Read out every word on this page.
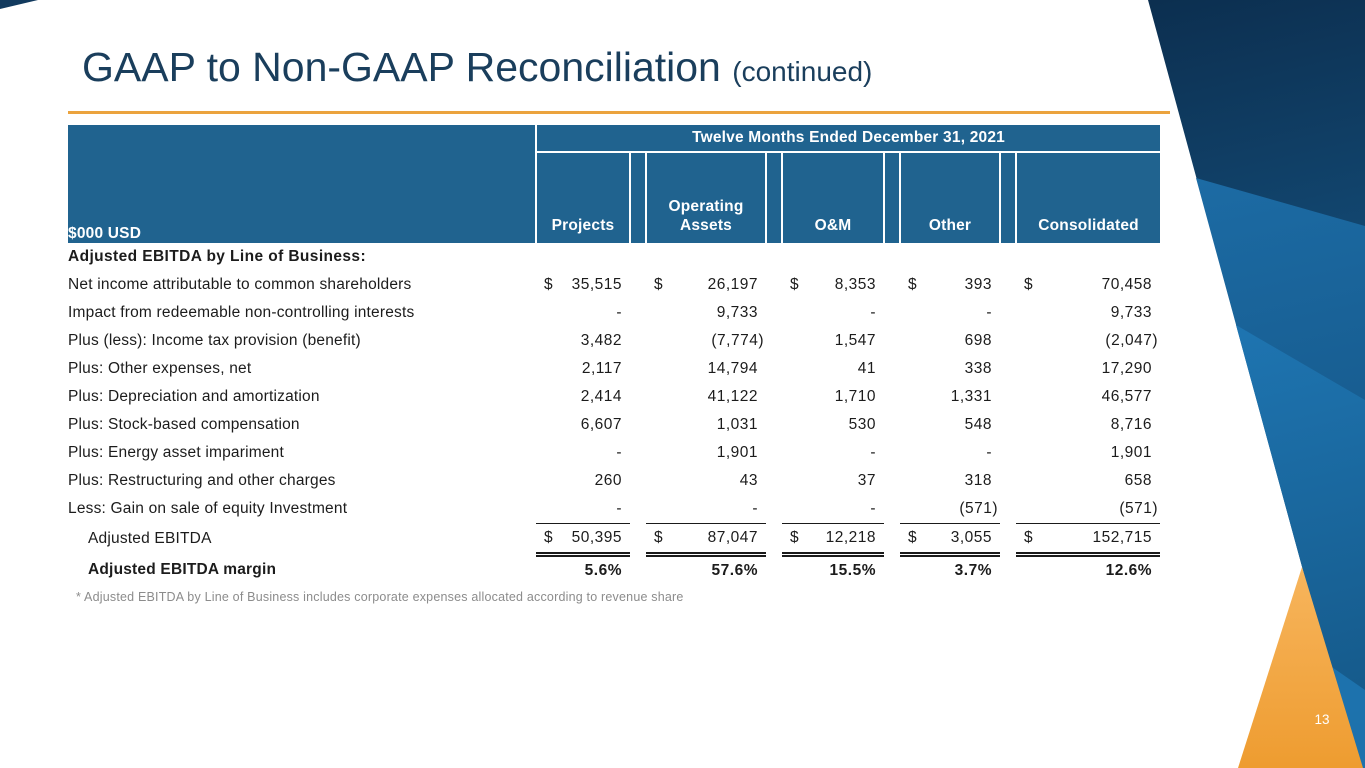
GAAP to Non-GAAP Reconciliation (continued)
$000 USD	Twelve Months Ended December 31, 2021								
	Projects		Operating Assets		O&M		Other		Consolidated
Adjusted EBITDA by Line of Business:									
Net income attributable to common shareholders	$ 35,515		$ 26,197		$ 8,353		$ 393		$ 70,458

Impact from redeemable non-controlling interests	-		9,733		-		-		9,733

Plus (less): Income tax provision (benefit)	3,482		(7,774)		1,547		698		(2,047)

Plus: Other expenses, net	2,117		14,794		41		338		17,290

Plus: Depreciation and amortization	2,414		41,122		1,710		1,331		46,577

Plus: Stock-based compensation	6,607		1,031		530		548		8,716

Plus: Energy asset impariment	-		1,901		-		-		1,901

Plus: Restructuring and other charges	260		43		37		318		658

Less: Gain on sale of equity Investment	-		-		-		(571)		(571)

Adjusted EBITDA	$ 50,395		$ 87,047		$ 12,218		$ 3,055		$ 152,715

Adjusted EBITDA margin	5.6%		57.6%		15.5%		3.7%		12.6%
* Adjusted EBITDA by Line of Business includes corporate expenses allocated according to revenue share
13
